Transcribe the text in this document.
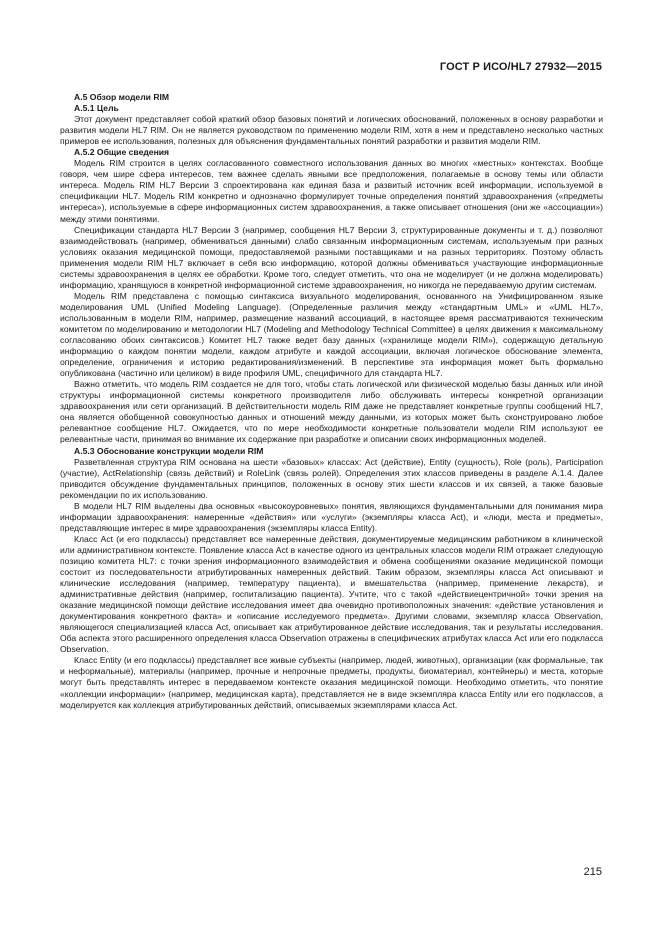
ГОСТ Р ИСО/HL7 27932—2015
А.5 Обзор модели RIM
А.5.1 Цель
Этот документ представляет собой краткий обзор базовых понятий и логических обоснований, положенных в основу разработки и развития модели HL7 RIM. Он не является руководством по применению модели RIM, хотя в нем и представлено несколько частных примеров ее использования, полезных для объяснения фундаментальных понятий разработки и развития модели RIM.
А.5.2 Общие сведения
Модель RIM строится в целях согласованного совместного использования данных во многих «местных» контекстах. Вообще говоря, чем шире сфера интересов, тем важнее сделать явными все предположения, полагаемые в основу темы или области интереса. Модель RIM HL7 Версии 3 спроектирована как единая база и развитый источник всей информации, используемой в спецификации HL7. Модель RIM конкретно и однозначно формулирует точные определения понятий здравоохранения («предметы интереса»), используемые в сфере информационных систем здравоохранения, а также описывает отношения (они же «ассоциации») между этими понятиями.
Спецификации стандарта HL7 Версии 3 (например, сообщения HL7 Версии 3, структурированные документы и т. д.) позволяют взаимодействовать (например, обмениваться данными) слабо связанным информационным системам, используемым при разных условиях оказания медицинской помощи, предоставляемой разными поставщиками и на разных территориях. Поэтому область применения модели RIM HL7 включает в себя всю информацию, которой должны обмениваться участвующие информационные системы здравоохранения в целях ее обработки. Кроме того, следует отметить, что она не моделирует (и не должна моделировать) информацию, хранящуюся в конкретной информационной системе здравоохранения, но никогда не передаваемую другим системам.
Модель RIM представлена с помощью синтаксиса визуального моделирования, основанного на Унифицированном языке моделирования UML (Unified Modeling Language). (Определенные различия между «стандартным UML» и «UML HL7», использованным в модели RIM, например, размещение названий ассоциаций, в настоящее время рассматриваются техническим комитетом по моделированию и методологии HL7 (Modeling and Methodology Technical Committee) в целях движения к максимальному согласованию обоих синтаксисов.) Комитет HL7 также ведет базу данных («хранилище модели RIM»), содержащую детальную информацию о каждом понятии модели, каждом атрибуте и каждой ассоциации, включая логическое обоснование элемента, определение, ограничения и историю редактирования/изменений. В перспективе эта информация может быть формально опубликована (частично или целиком) в виде профиля UML, специфичного для стандарта HL7.
Важно отметить, что модель RIM создается не для того, чтобы стать логической или физической моделью базы данных или иной структуры информационной системы конкретного производителя либо обслуживать интересы конкретной организации здравоохранения или сети организаций. В действительности модель RIM даже не представляет конкретные группы сообщений HL7, она является обобщенной совокупностью данных и отношений между данными, из которых может быть сконструировано любое релевантное сообщение HL7. Ожидается, что по мере необходимости конкретные пользователи модели RIM используют ее релевантные части, принимая во внимание их содержание при разработке и описании своих информационных моделей.
А.5.3 Обоснование конструкции модели RIM
Разветвленная структура RIM основана на шести «базовых» классах: Act (действие), Entity (сущность), Role (роль), Participation (участие), ActRelationship (связь действий) и RoleLink (связь ролей). Определения этих классов приведены в разделе А.1.4. Далее приводится обсуждение фундаментальных принципов, положенных в основу этих шести классов и их связей, а также базовые рекомендации по их использованию.
В модели HL7 RIM выделены два основных «высокоуровневых» понятия, являющихся фундаментальными для понимания мира информации здравоохранения: намеренные «действия» или «услуги» (экземпляры класса Act), и «люди, места и предметы», представляющие интерес в мире здравоохранения (экземпляры класса Entity).
Класс Act (и его подклассы) представляет все намеренные действия, документируемые медицинским работником в клинической или административном контексте. Появление класса Act в качестве одного из центральных классов модели RIM отражает следующую позицию комитета HL7: с точки зрения информационного взаимодействия и обмена сообщениями оказание медицинской помощи состоит из последовательности атрибутированных намеренных действий. Таким образом, экземпляры класса Act описывают и клинические исследования (например, температуру пациента), и вмешательства (например, применение лекарств), и административные действия (например, госпитализацию пациента). Учтите, что с такой «действиецентричной» точки зрения на оказание медицинской помощи действие исследования имеет два очевидно противоположных значения: «действие установления и документирования конкретного факта» и «описание исследуемого предмета». Другими словами, экземпляр класса Observation, являющегося специализацией класса Act, описывает как атрибутированное действие исследования, так и результаты исследования. Оба аспекта этого расширенного определения класса Observation отражены в специфических атрибутах класса Act или его подкласса Observation.
Класс Entity (и его подклассы) представляет все живые субъекты (например, людей, животных), организации (как формальные, так и неформальные), материалы (например, прочные и непрочные предметы, продукты, биоматериал, контейнеры) и места, которые могут быть представлять интерес в передаваемом контексте оказания медицинской помощи. Необходимо отметить, что понятие «коллекции информации» (например, медицинская карта), представляется не в виде экземпляра класса Entity или его подклассов, а моделируется как коллекция атрибутированных действий, описываемых экземплярами класса Act.
215
